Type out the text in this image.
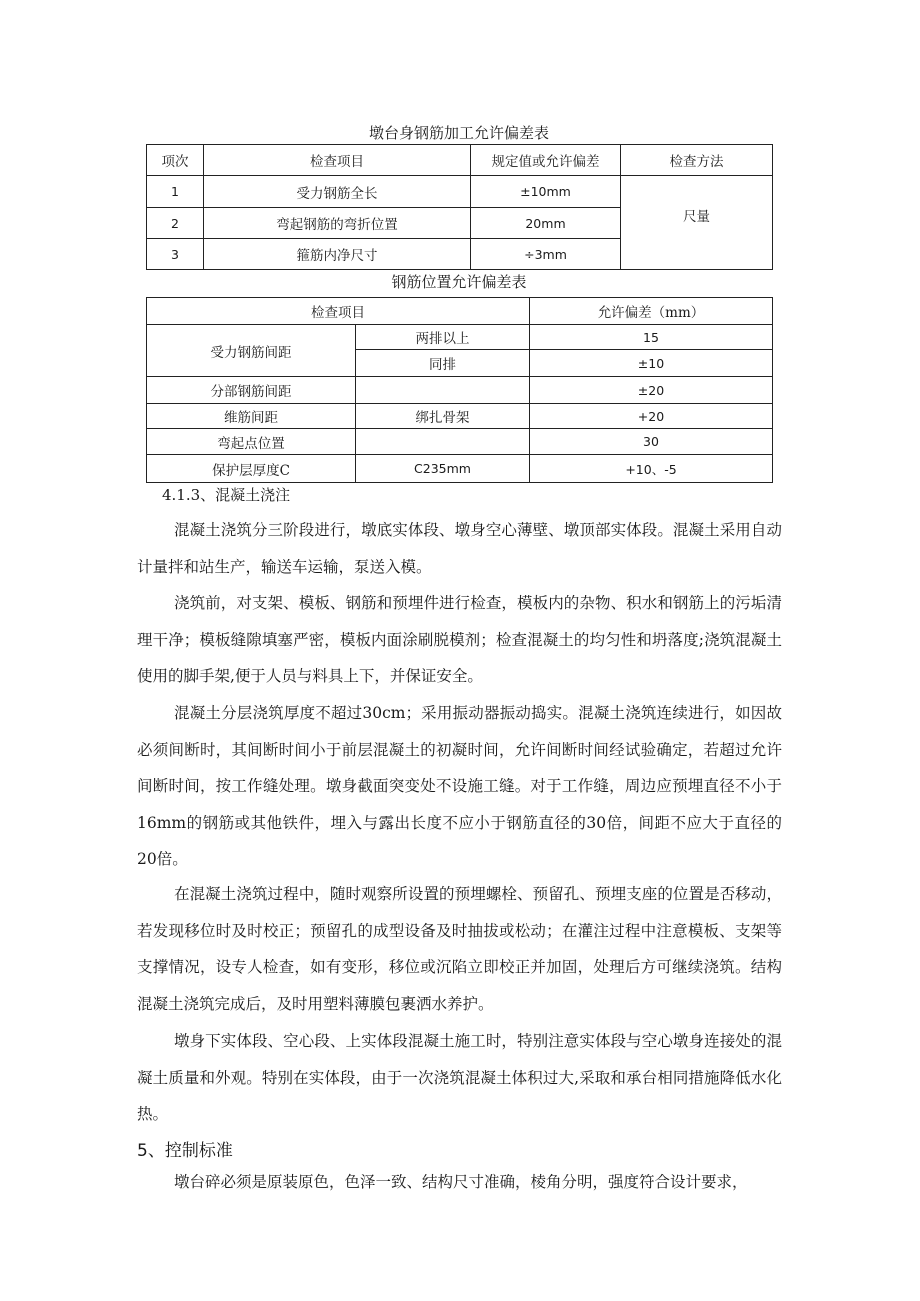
墩台身钢筋加工允许偏差表
项次	检查项目	规定值或允许偏差	检查方法
1	受力钢筋全长	±10mm	尺量
2	弯起钢筋的弯折位置	20mm	
3	箍筋内净尺寸	÷3mm	
钢筋位置允许偏差表
检查项目		允许偏差（mm）
受力钢筋间距	两排以上	15
	同排	±10
分部钢筋间距		±20
维筋间距	绑扎骨架	+20
弯起点位置		30
保护层厚度C	C235mm	+10、-5
4.1.3、混凝土浇注

混凝土浇筑分三阶段进行，墩底实体段、墩身空心薄壁、墩顶部实体段。混凝土采用自动计量拌和站生产，输送车运输，泵送入模。

浇筑前，对支架、模板、钢筋和预埋件进行检查，模板内的杂物、积水和钢筋上的污垢清理干净；模板缝隙填塞严密，模板内面涂刷脱模剂；检查混凝土的均匀性和坍落度;浇筑混凝土使用的脚手架,便于人员与料具上下，并保证安全。

混凝土分层浇筑厚度不超过30cm；采用振动器振动捣实。混凝土浇筑连续进行，如因故必须间断时，其间断时间小于前层混凝土的初凝时间，允许间断时间经试验确定，若超过允许间断时间，按工作缝处理。墩身截面突变处不设施工缝。对于工作缝，周边应预埋直径不小于16mm的钢筋或其他铁件，埋入与露出长度不应小于钢筋直径的30倍，间距不应大于直径的20倍。

在混凝土浇筑过程中，随时观察所设置的预埋螺栓、预留孔、预埋支座的位置是否移动，若发现移位时及时校正；预留孔的成型设备及时抽拔或松动；在灌注过程中注意模板、支架等支撑情况，设专人检查，如有变形，移位或沉陷立即校正并加固，处理后方可继续浇筑。结构混凝土浇筑完成后，及时用塑料薄膜包裹洒水养护。

墩身下实体段、空心段、上实体段混凝土施工时，特别注意实体段与空心墩身连接处的混凝土质量和外观。特别在实体段，由于一次浇筑混凝土体积过大,采取和承台相同措施降低水化热。

5、控制标准

墩台碎必须是原装原色，色泽一致、结构尺寸准确，棱角分明，强度符合设计要求，
